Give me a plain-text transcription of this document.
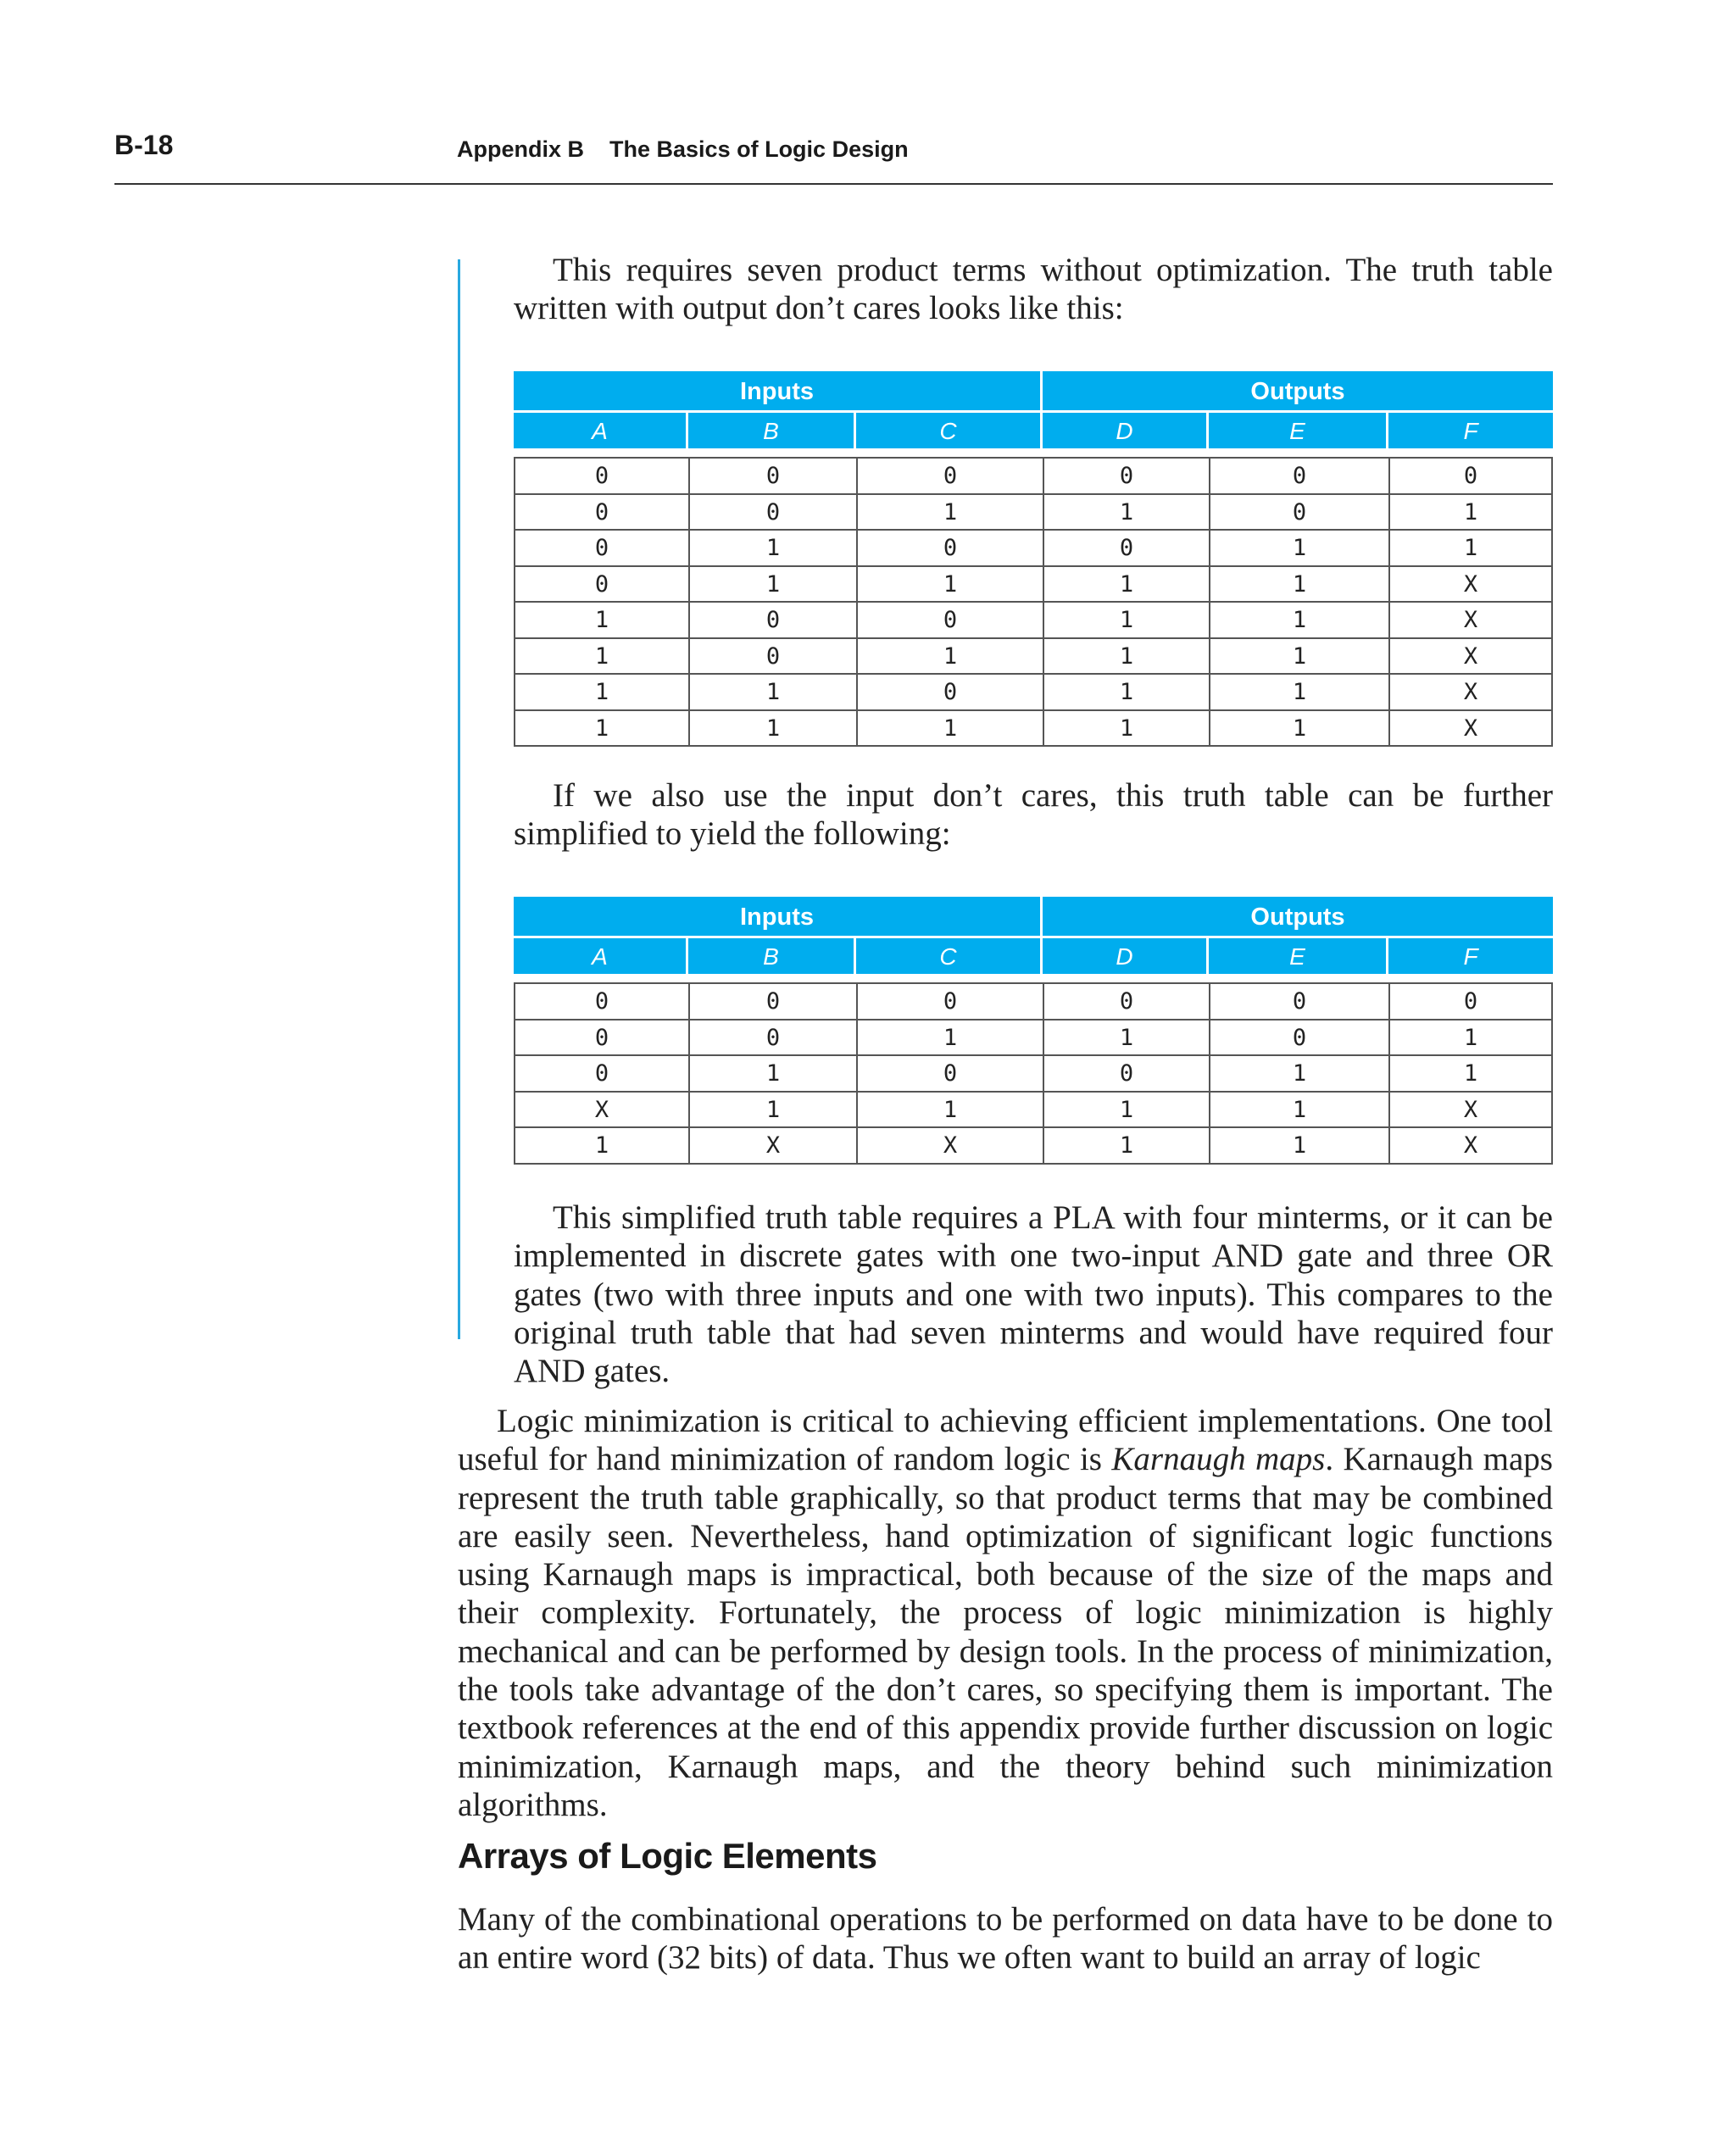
B-18	Appendix B The Basics of Logic Design

This requires seven product terms without optimization. The truth table written with output don’t cares looks like this:

Inputs	Outputs
A	B	C	D	E	F
0	0	0	0	0	0
0	0	1	1	0	1
0	1	0	0	1	1
0	1	1	1	1	X
1	0	0	1	1	X
1	0	1	1	1	X
1	1	0	1	1	X
1	1	1	1	1	X

If we also use the input don’t cares, this truth table can be further simplified to yield the following:

Inputs	Outputs
A	B	C	D	E	F
0	0	0	0	0	0
0	0	1	1	0	1
0	1	0	0	1	1
X	1	1	1	1	X
1	X	X	1	1	X

This simplified truth table requires a PLA with four minterms, or it can be implemented in discrete gates with one two-input AND gate and three OR gates (two with three inputs and one with two inputs). This compares to the original truth table that had seven minterms and would have required four AND gates.

Logic minimization is critical to achieving efficient implementations. One tool useful for hand minimization of random logic is Karnaugh maps. Karnaugh maps represent the truth table graphically, so that product terms that may be combined are easily seen. Nevertheless, hand optimization of significant logic functions using Karnaugh maps is impractical, both because of the size of the maps and their complexity. Fortunately, the process of logic minimization is highly mechanical and can be performed by design tools. In the process of minimization, the tools take advantage of the don’t cares, so specifying them is important. The textbook references at the end of this appendix provide further discussion on logic minimization, Karnaugh maps, and the theory behind such minimization algorithms.

Arrays of Logic Elements

Many of the combinational operations to be performed on data have to be done to an entire word (32 bits) of data. Thus we often want to build an array of logic
